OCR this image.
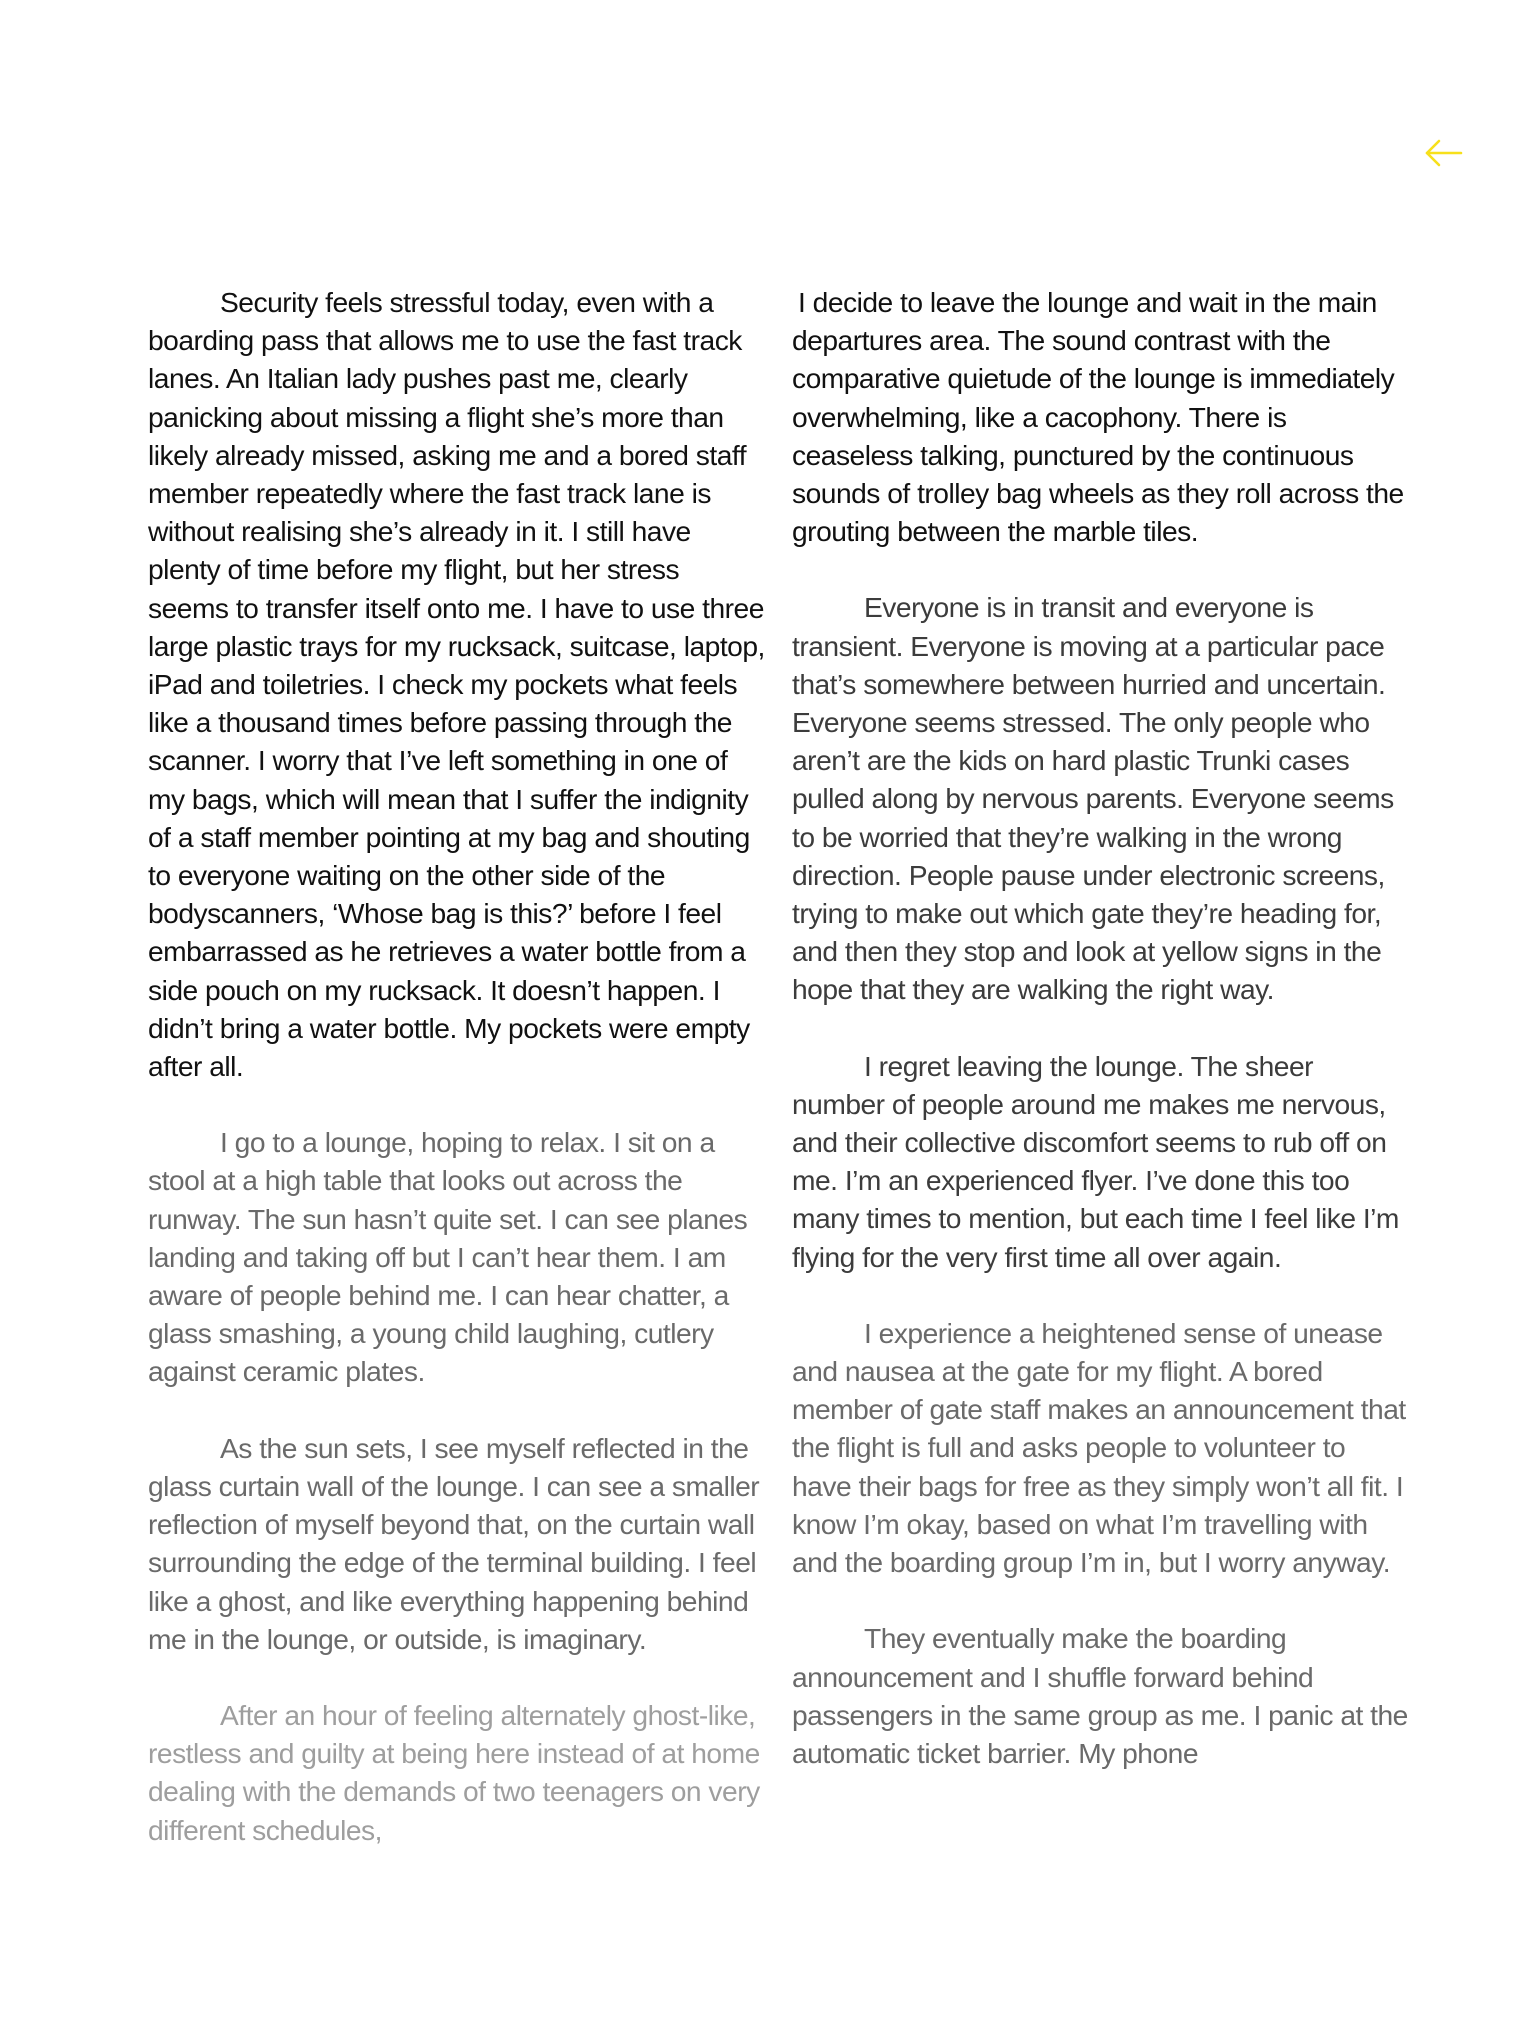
Security feels stressful today, even with a boarding pass that allows me to use the fast track lanes. An Italian lady pushes past me, clearly panicking about missing a flight she’s more than likely already missed, asking me and a bored staff member repeatedly where the fast track lane is without realising she’s already in it. I still have plenty of time before my flight, but her stress seems to transfer itself onto me. I have to use three large plastic trays for my rucksack, suitcase, laptop, iPad and toiletries. I check my pockets what feels like a thousand times before passing through the scanner. I worry that I’ve left something in one of my bags, which will mean that I suffer the indignity of a staff member pointing at my bag and shouting to everyone waiting on the other side of the bodyscanners, ‘Whose bag is this?’ before I feel embarrassed as he retrieves a water bottle from a side pouch on my rucksack. It doesn’t happen. I didn’t bring a water bottle. My pockets were empty after all.

I go to a lounge, hoping to relax. I sit on a stool at a high table that looks out across the runway. The sun hasn’t quite set. I can see planes landing and taking off but I can’t hear them. I am aware of people behind me. I can hear chatter, a glass smashing, a young child laughing, cutlery against ceramic plates.

As the sun sets, I see myself reflected in the glass curtain wall of the lounge. I can see a smaller reflection of myself beyond that, on the curtain wall surrounding the edge of the terminal building. I feel like a ghost, and like everything happening behind me in the lounge, or outside, is imaginary.

After an hour of feeling alternately ghost-like, restless and guilty at being here instead of at home dealing with the demands of two teenagers on very different schedules,

I decide to leave the lounge and wait in the main departures area. The sound contrast with the comparative quietude of the lounge is immediately overwhelming, like a cacophony. There is ceaseless talking, punctured by the continuous sounds of trolley bag wheels as they roll across the grouting between the marble tiles.

Everyone is in transit and everyone is transient. Everyone is moving at a particular pace that’s somewhere between hurried and uncertain. Everyone seems stressed. The only people who aren’t are the kids on hard plastic Trunki cases pulled along by nervous parents. Everyone seems to be worried that they’re walking in the wrong direction. People pause under electronic screens, trying to make out which gate they’re heading for, and then they stop and look at yellow signs in the hope that they are walking the right way.

I regret leaving the lounge. The sheer number of people around me makes me nervous, and their collective discomfort seems to rub off on me. I’m an experienced flyer. I’ve done this too many times to mention, but each time I feel like I’m flying for the very first time all over again.

I experience a heightened sense of unease and nausea at the gate for my flight. A bored member of gate staff makes an announcement that the flight is full and asks people to volunteer to have their bags for free as they simply won’t all fit. I know I’m okay, based on what I’m travelling with and the boarding group I’m in, but I worry anyway.

They eventually make the boarding announcement and I shuffle forward behind passengers in the same group as me. I panic at the automatic ticket barrier. My phone
